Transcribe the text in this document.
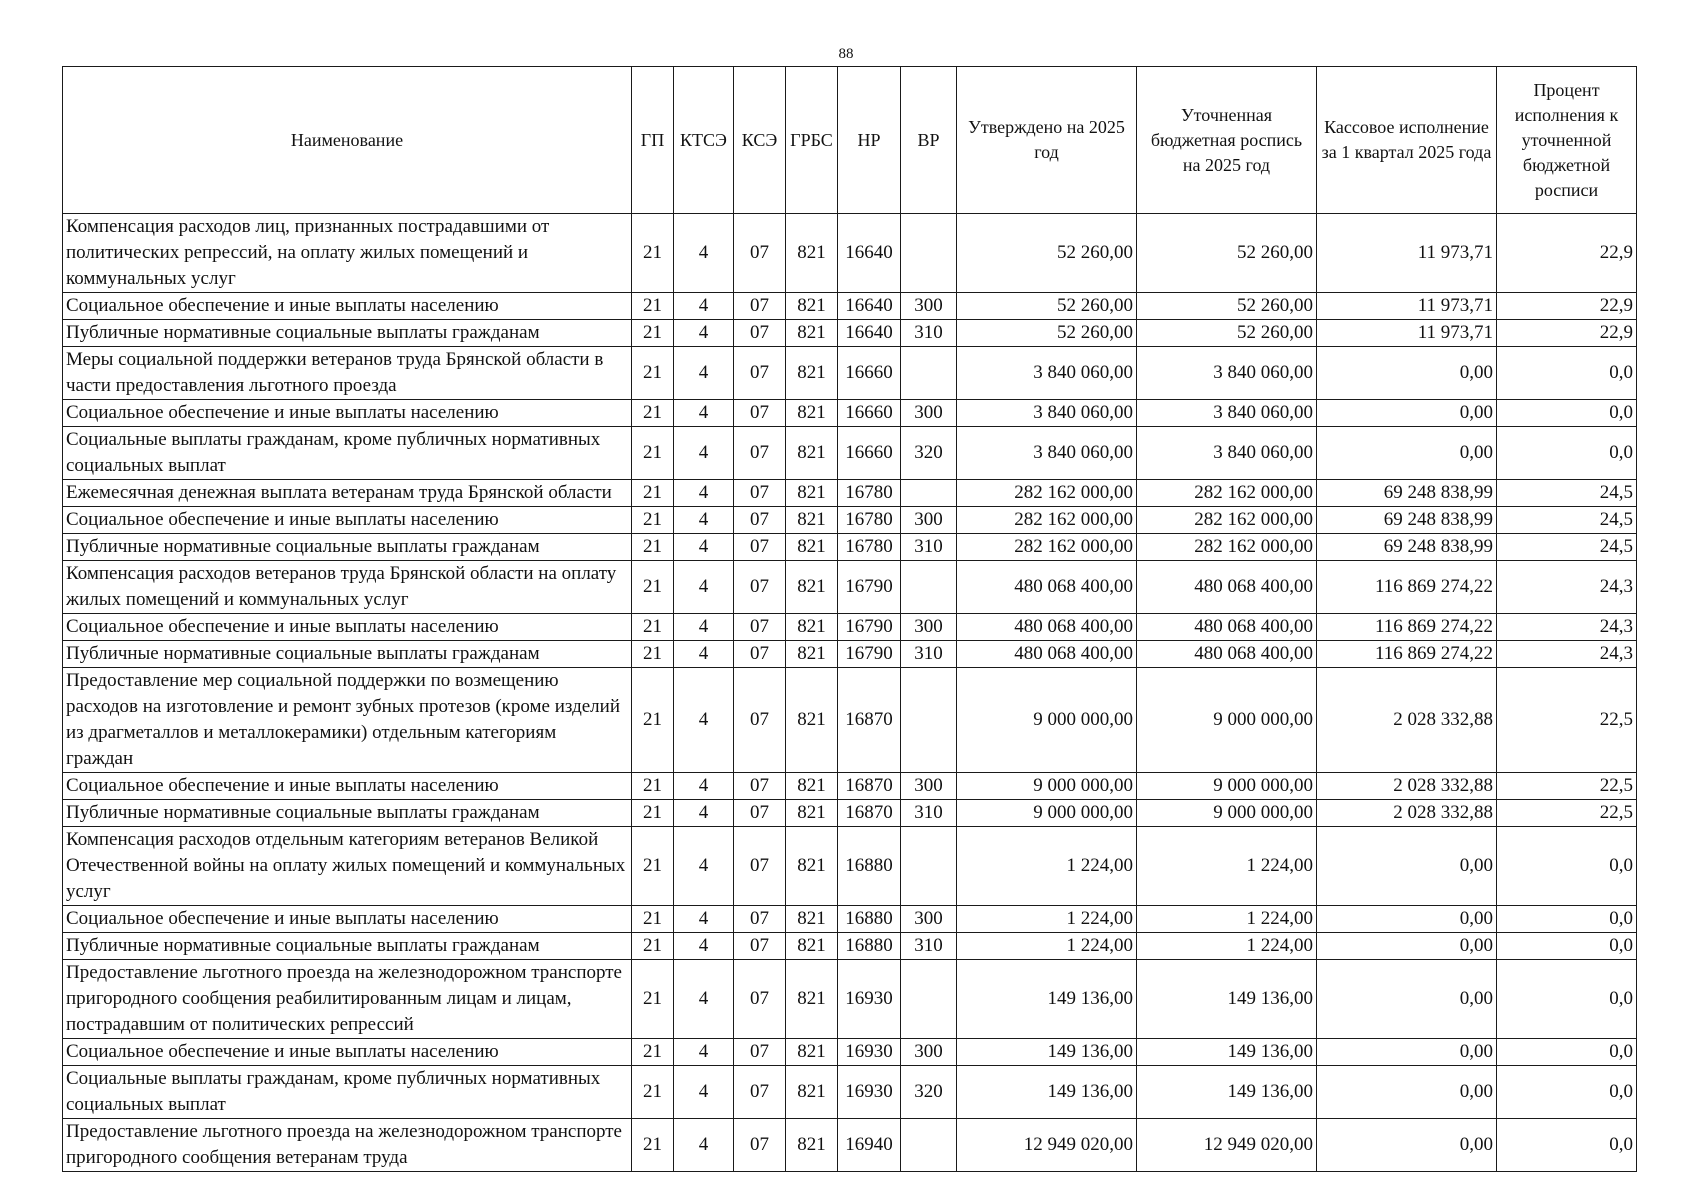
88
Наименование	ГП	КТСЭ	КСЭ	ГРБС	НР	ВР	Утверждено на 2025 год	Уточненная бюджетная роспись на 2025 год	Кассовое исполнение за 1 квартал 2025 года	Процент исполнения к уточненной бюджетной росписи
Компенсация расходов лиц, признанных пострадавшими от политических репрессий, на оплату жилых помещений и коммунальных услуг	21	4	07	821	16640		52 260,00	52 260,00	11 973,71	22,9
Социальное обеспечение и иные выплаты населению	21	4	07	821	16640	300	52 260,00	52 260,00	11 973,71	22,9
Публичные нормативные социальные выплаты гражданам	21	4	07	821	16640	310	52 260,00	52 260,00	11 973,71	22,9
Меры социальной поддержки ветеранов труда Брянской области в части предоставления льготного проезда	21	4	07	821	16660		3 840 060,00	3 840 060,00	0,00	0,0
Социальное обеспечение и иные выплаты населению	21	4	07	821	16660	300	3 840 060,00	3 840 060,00	0,00	0,0
Социальные выплаты гражданам, кроме публичных нормативных социальных выплат	21	4	07	821	16660	320	3 840 060,00	3 840 060,00	0,00	0,0
Ежемесячная денежная выплата ветеранам труда Брянской области	21	4	07	821	16780		282 162 000,00	282 162 000,00	69 248 838,99	24,5
Социальное обеспечение и иные выплаты населению	21	4	07	821	16780	300	282 162 000,00	282 162 000,00	69 248 838,99	24,5
Публичные нормативные социальные выплаты гражданам	21	4	07	821	16780	310	282 162 000,00	282 162 000,00	69 248 838,99	24,5
Компенсация расходов ветеранов труда Брянской области на оплату жилых помещений и коммунальных услуг	21	4	07	821	16790		480 068 400,00	480 068 400,00	116 869 274,22	24,3
Социальное обеспечение и иные выплаты населению	21	4	07	821	16790	300	480 068 400,00	480 068 400,00	116 869 274,22	24,3
Публичные нормативные социальные выплаты гражданам	21	4	07	821	16790	310	480 068 400,00	480 068 400,00	116 869 274,22	24,3
Предоставление мер социальной поддержки по возмещению расходов на изготовление и ремонт зубных протезов (кроме изделий из драгметаллов и металлокерамики) отдельным категориям граждан	21	4	07	821	16870		9 000 000,00	9 000 000,00	2 028 332,88	22,5
Социальное обеспечение и иные выплаты населению	21	4	07	821	16870	300	9 000 000,00	9 000 000,00	2 028 332,88	22,5
Публичные нормативные социальные выплаты гражданам	21	4	07	821	16870	310	9 000 000,00	9 000 000,00	2 028 332,88	22,5
Компенсация расходов отдельным категориям ветеранов Великой Отечественной войны на оплату жилых помещений и коммунальных услуг	21	4	07	821	16880		1 224,00	1 224,00	0,00	0,0
Социальное обеспечение и иные выплаты населению	21	4	07	821	16880	300	1 224,00	1 224,00	0,00	0,0
Публичные нормативные социальные выплаты гражданам	21	4	07	821	16880	310	1 224,00	1 224,00	0,00	0,0
Предоставление льготного проезда на железнодорожном транспорте пригородного сообщения реабилитированным лицам и лицам, пострадавшим от политических репрессий	21	4	07	821	16930		149 136,00	149 136,00	0,00	0,0
Социальное обеспечение и иные выплаты населению	21	4	07	821	16930	300	149 136,00	149 136,00	0,00	0,0
Социальные выплаты гражданам, кроме публичных нормативных социальных выплат	21	4	07	821	16930	320	149 136,00	149 136,00	0,00	0,0
Предоставление льготного проезда на железнодорожном транспорте пригородного сообщения ветеранам труда	21	4	07	821	16940		12 949 020,00	12 949 020,00	0,00	0,0
